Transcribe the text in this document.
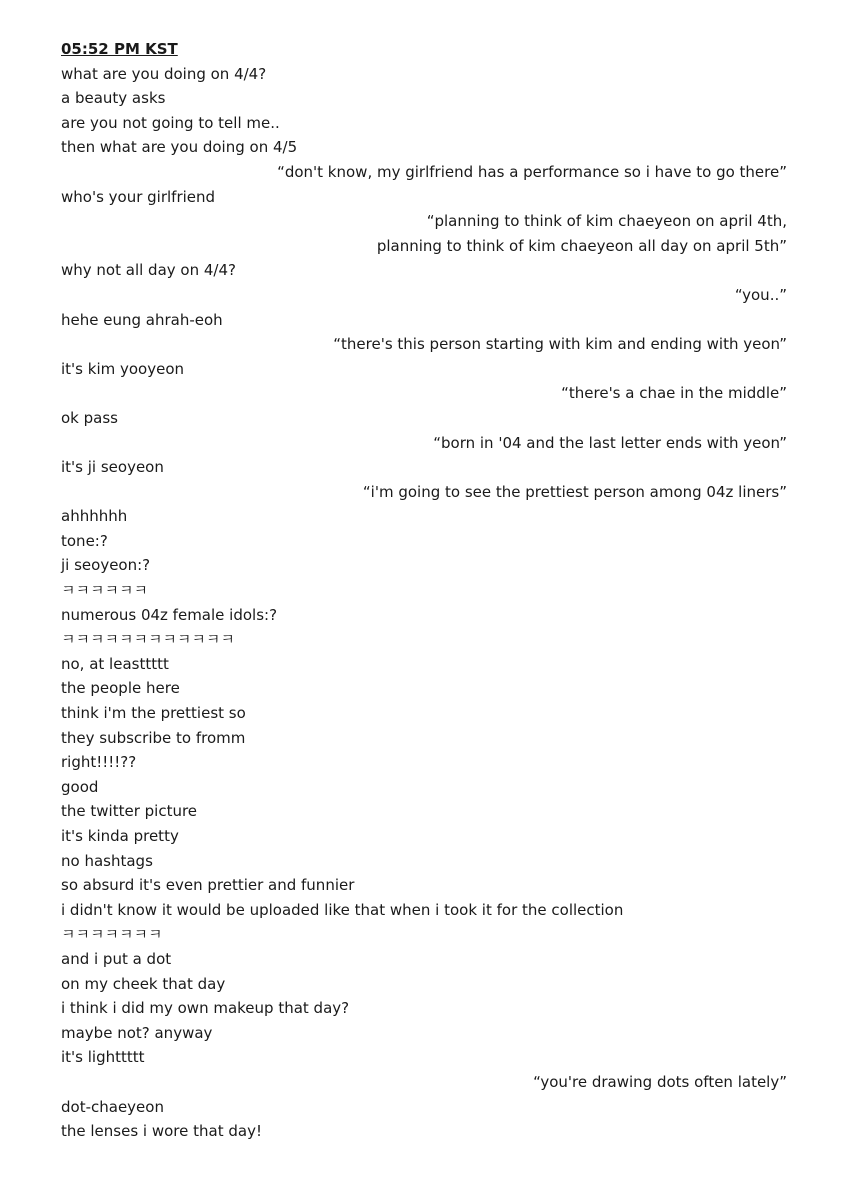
05:52 PM KST
what are you doing on 4/4?
a beauty asks
are you not going to tell me..
then what are you doing on 4/5
“don't know, my girlfriend has a performance so i have to go there”
who's your girlfriend
“planning to think of kim chaeyeon on april 4th,
planning to think of kim chaeyeon all day on april 5th”
why not all day on 4/4?
“you..”
hehe eung ahrah-eoh
“there's this person starting with kim and ending with yeon”
it's kim yooyeon
“there's a chae in the middle”
ok pass
“born in '04 and the last letter ends with yeon”
it's ji seoyeon
“i'm going to see the prettiest person among 04z liners”
ahhhhhh
tone:?
ji seoyeon:?
ㅋㅋㅋㅋㅋㅋ
numerous 04z female idols:?
ㅋㅋㅋㅋㅋㅋㅋㅋㅋㅋㅋㅋ
no, at leasttttt
the people here
think i'm the prettiest so
they subscribe to fromm
right!!!!??
good
the twitter picture
it's kinda pretty
no hashtags
so absurd it's even prettier and funnier
i didn't know it would be uploaded like that when i took it for the collection
ㅋㅋㅋㅋㅋㅋㅋ
and i put a dot
on my cheek that day
i think i did my own makeup that day?
maybe not? anyway
it's lighttttt
“you're drawing dots often lately”
dot-chaeyeon
the lenses i wore that day!
